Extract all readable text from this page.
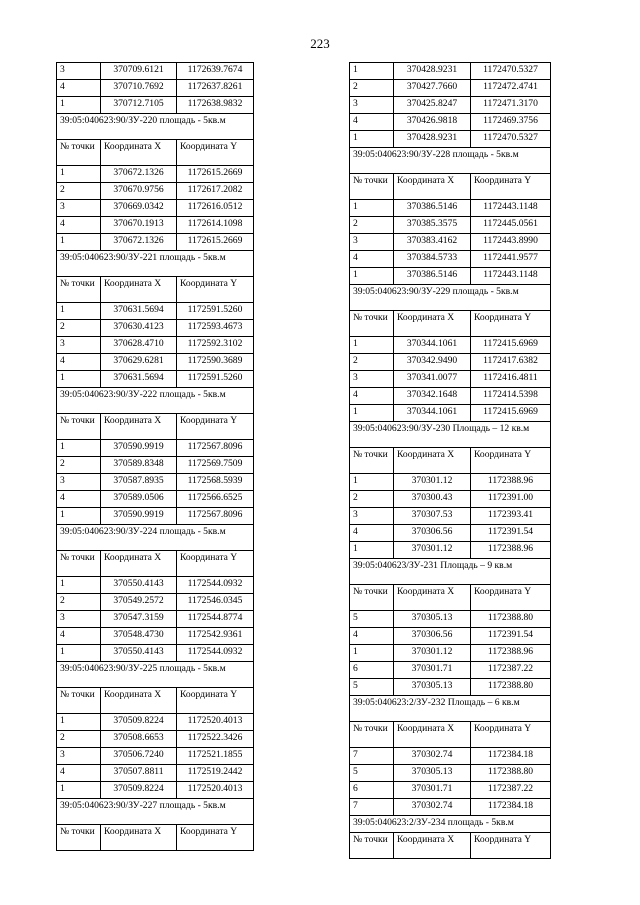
223
3	370709.6121	1172639.7674
4	370710.7692	1172637.8261
1	370712.7105	1172638.9832
39:05:040623:90/ЗУ-220 площадь - 5кв.м		
№ точки	Координата X	Координата Y
1	370672.1326	1172615.2669
2	370670.9756	1172617.2082
3	370669.0342	1172616.0512
4	370670.1913	1172614.1098
1	370672.1326	1172615.2669
39:05:040623:90/ЗУ-221 площадь - 5кв.м		
№ точки	Координата X	Координата Y
1	370631.5694	1172591.5260
2	370630.4123	1172593.4673
3	370628.4710	1172592.3102
4	370629.6281	1172590.3689
1	370631.5694	1172591.5260
39:05:040623:90/ЗУ-222 площадь - 5кв.м		
№ точки	Координата X	Координата Y
1	370590.9919	1172567.8096
2	370589.8348	1172569.7509
3	370587.8935	1172568.5939
4	370589.0506	1172566.6525
1	370590.9919	1172567.8096
39:05:040623:90/ЗУ-224 площадь - 5кв.м		
№ точки	Координата X	Координата Y
1	370550.4143	1172544.0932
2	370549.2572	1172546.0345
3	370547.3159	1172544.8774
4	370548.4730	1172542.9361
1	370550.4143	1172544.0932
39:05:040623:90/ЗУ-225 площадь - 5кв.м		
№ точки	Координата X	Координата Y
1	370509.8224	1172520.4013
2	370508.6653	1172522.3426
3	370506.7240	1172521.1855
4	370507.8811	1172519.2442
1	370509.8224	1172520.4013
39:05:040623:90/ЗУ-227 площадь - 5кв.м		
№ точки	Координата X	Координата Y
1	370428.9231	1172470.5327
2	370427.7660	1172472.4741
3	370425.8247	1172471.3170
4	370426.9818	1172469.3756
1	370428.9231	1172470.5327
39:05:040623:90/ЗУ-228 площадь - 5кв.м		
№ точки	Координата X	Координата Y
1	370386.5146	1172443.1148
2	370385.3575	1172445.0561
3	370383.4162	1172443.8990
4	370384.5733	1172441.9577
1	370386.5146	1172443.1148
39:05:040623:90/ЗУ-229 площадь - 5кв.м		
№ точки	Координата X	Координата Y
1	370344.1061	1172415.6969
2	370342.9490	1172417.6382
3	370341.0077	1172416.4811
4	370342.1648	1172414.5398
1	370344.1061	1172415.6969
39:05:040623:90/ЗУ-230 Площадь – 12 кв.м		
№ точки	Координата X	Координата Y
1	370301.12	1172388.96
2	370300.43	1172391.00
3	370307.53	1172393.41
4	370306.56	1172391.54
1	370301.12	1172388.96
39:05:040623/ЗУ-231 Площадь – 9 кв.м		
№ точки	Координата X	Координата Y
5	370305.13	1172388.80
4	370306.56	1172391.54
1	370301.12	1172388.96
6	370301.71	1172387.22
5	370305.13	1172388.80
39:05:040623:2/ЗУ-232 Площадь – 6 кв.м		
№ точки	Координата X	Координата Y
7	370302.74	1172384.18
5	370305.13	1172388.80
6	370301.71	1172387.22
7	370302.74	1172384.18
39:05:040623:2/ЗУ-234 площадь - 5кв.м		
№ точки	Координата X	Координата Y
